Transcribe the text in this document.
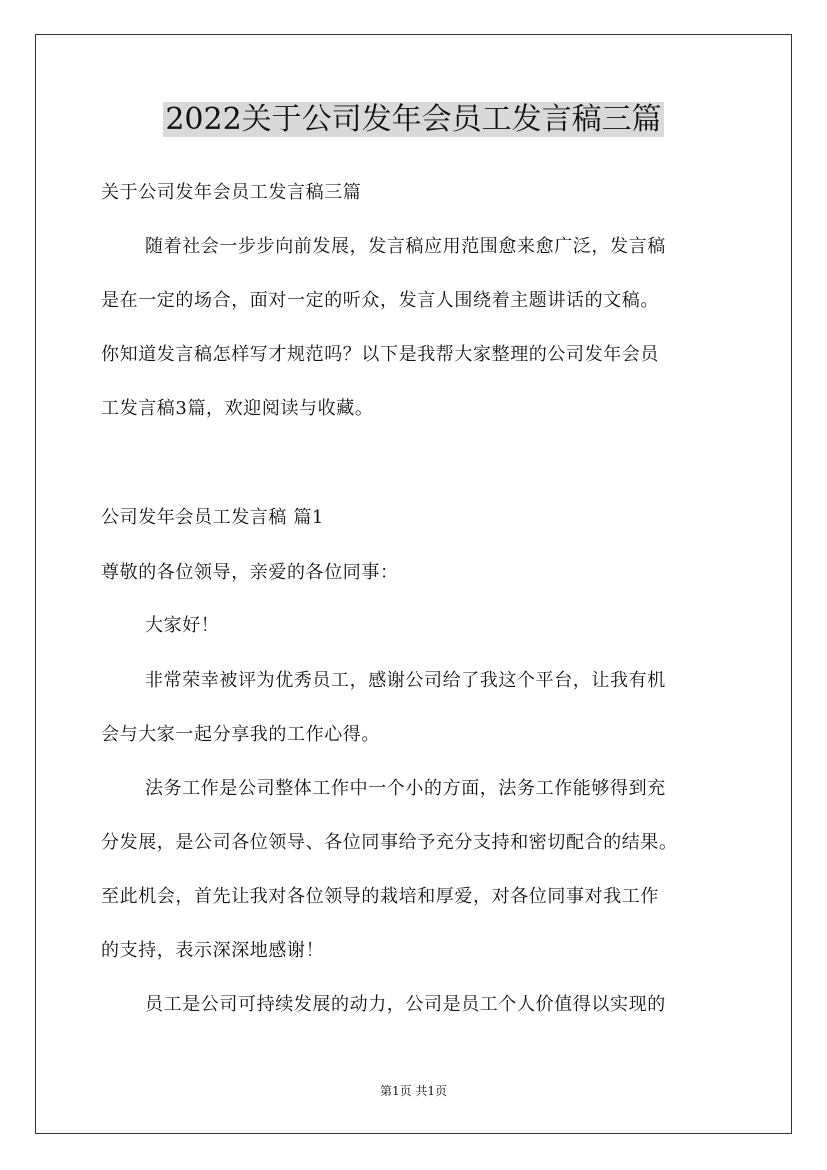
2022关于公司发年会员工发言稿三篇
关于公司发年会员工发言稿三篇
随着社会一步步向前发展，发言稿应用范围愈来愈广泛，发言稿
是在一定的场合，面对一定的听众，发言人围绕着主题讲话的文稿。
你知道发言稿怎样写才规范吗？以下是我帮大家整理的公司发年会员
工发言稿3篇，欢迎阅读与收藏。
公司发年会员工发言稿 篇1
尊敬的各位领导，亲爱的各位同事：
大家好！
非常荣幸被评为优秀员工，感谢公司给了我这个平台，让我有机
会与大家一起分享我的工作心得。
法务工作是公司整体工作中一个小的方面，法务工作能够得到充
分发展，是公司各位领导、各位同事给予充分支持和密切配合的结果。
至此机会，首先让我对各位领导的栽培和厚爱，对各位同事对我工作
的支持，表示深深地感谢！
员工是公司可持续发展的动力，公司是员工个人价值得以实现的
第1页 共1页
